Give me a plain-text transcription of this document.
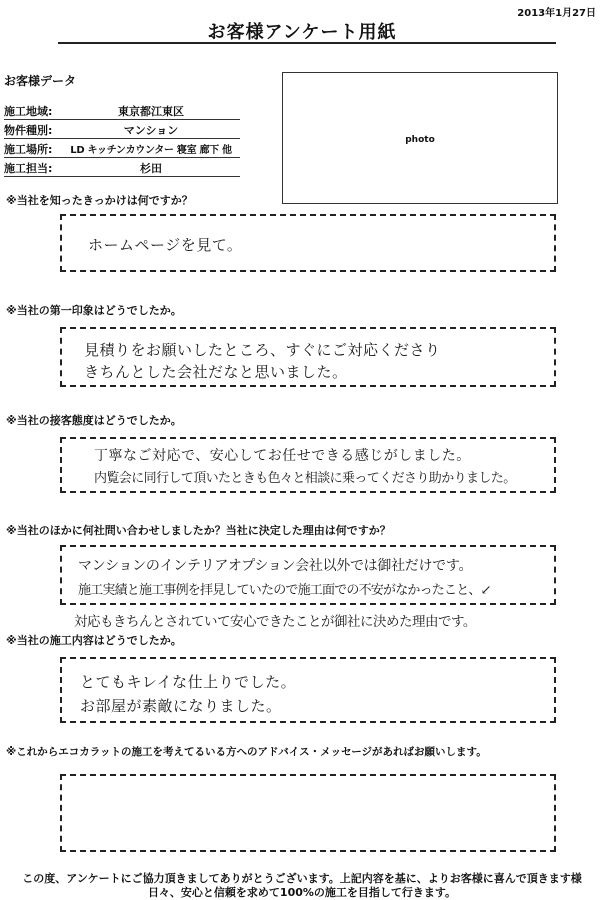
2013年1月27日
お客様アンケート用紙
お客様データ
施工地域:	東京都江東区
物件種別:	マンション
施工場所:	LD キッチンカウンター 寝室 廊下 他
施工担当:	杉田
photo
※当社を知ったきっかけは何ですか？
ホームページを見て。
※当社の第一印象はどうでしたか。
見積りをお願いしたところ、すぐにご対応くださり
きちんとした会社だなと思いました。
※当社の接客態度はどうでしたか。
丁寧なご対応で、安心してお任せできる感じがしました。
内覧会に同行して頂いたときも色々と相談に乗ってくださり助かりました。
※当社のほかに何社問い合わせしましたか？当社に決定した理由は何ですか？
マンションのインテリアオプション会社以外では御社だけです。
施工実績と施工事例を拝見していたので施工面での不安がなかったこと、↙
対応もきちんとされていて安心できたことが御社に決めた理由です。
※当社の施工内容はどうでしたか。
とてもキレイな仕上りでした。
お部屋が素敵になりました。
※これからエコカラットの施工を考えてるいる方へのアドバイス・メッセージがあればお願いします。
この度、アンケートにご協力頂きましてありがとうございます。上記内容を基に、よりお客様に喜んで頂きます様
日々、安心と信頼を求めて100%の施工を目指して行きます。
